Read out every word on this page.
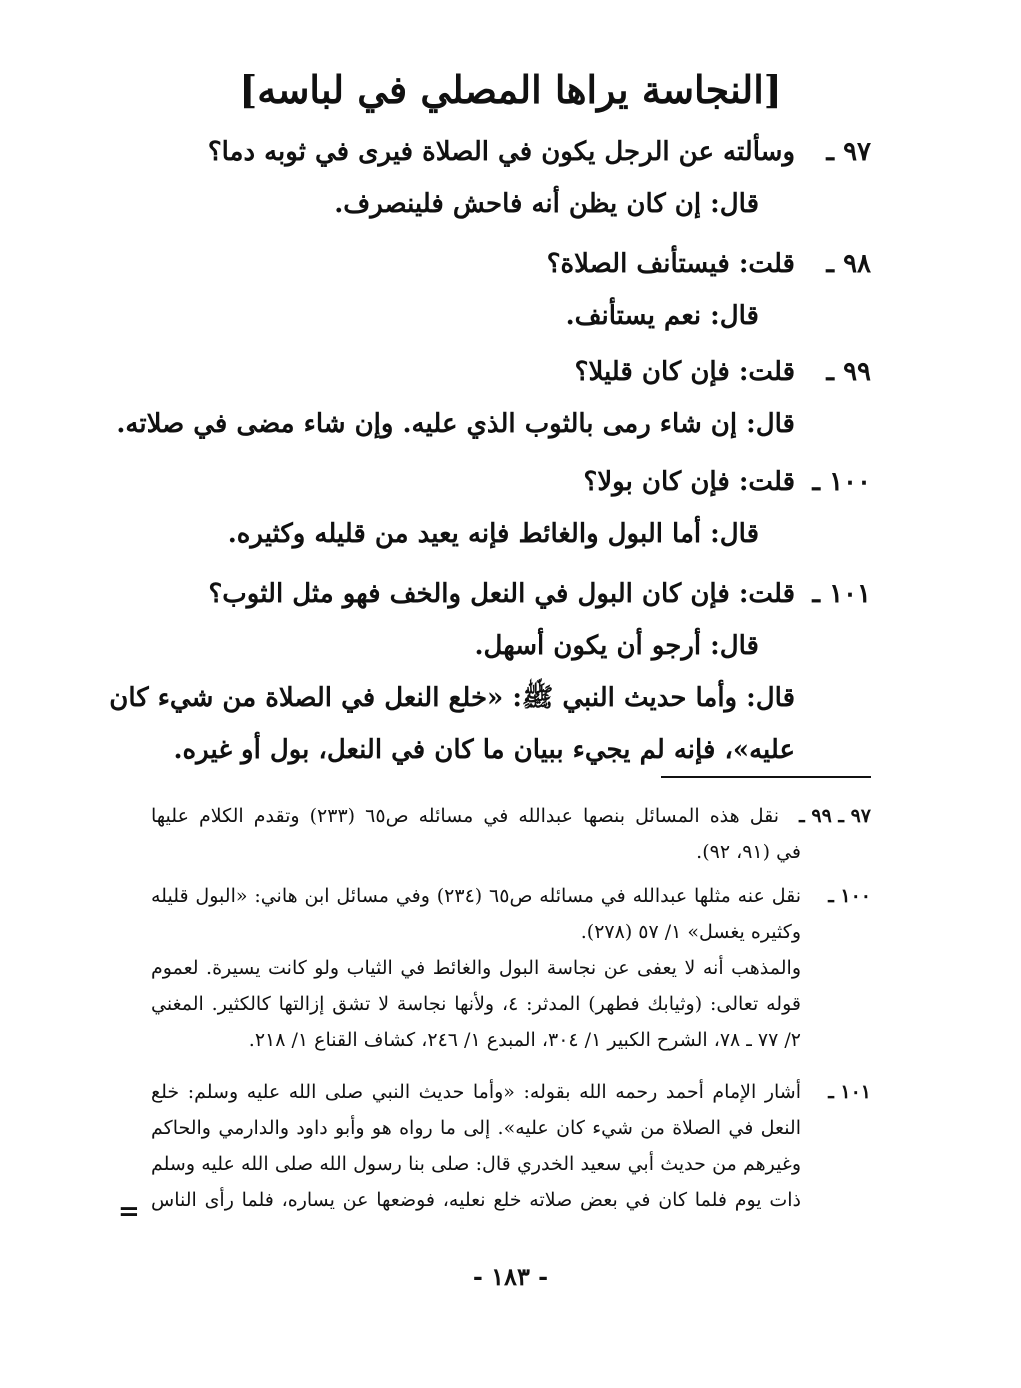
[النجاسة يراها المصلي في لباسه]
٩٧ ـ
وسألته عن الرجل يكون في الصلاة فيرى في ثوبه دما؟
قال: إن كان يظن أنه فاحش فلينصرف.
٩٨ ـ
قلت: فيستأنف الصلاة؟
قال: نعم يستأنف.
٩٩ ـ
قلت: فإن كان قليلا؟
قال: إن شاء رمى بالثوب الذي عليه. وإن شاء مضى في صلاته.
١٠٠ ـ
قلت: فإن كان بولا؟
قال: أما البول والغائط فإنه يعيد من قليله وكثيره.
١٠١ ـ
قلت: فإن كان البول في النعل والخف فهو مثل الثوب؟
قال: أرجو أن يكون أسهل.
قال: وأما حديث النبي ﷺ: «خلع النعل في الصلاة من شيء كان
عليه»، فإنه لم يجيء ببيان ما كان في النعل، بول أو غيره.
٩٧ ـ ٩٩ ـ
نقل هذه المسائل بنصها عبدالله في مسائله ص٦٥ (٢٣٣) وتقدم الكلام عليها
في (٩١، ٩٢).
١٠٠ ـ
نقل عنه مثلها عبدالله في مسائله ص٦٥ (٢٣٤) وفي مسائل ابن هاني: «البول قليله
وكثيره يغسل» ١/ ٥٧ (٢٧٨).
والمذهب أنه لا يعفى عن نجاسة البول والغائط في الثياب ولو كانت يسيرة. لعموم
قوله تعالى: (وثيابك فطهر) المدثر: ٤، ولأنها نجاسة لا تشق إزالتها كالكثير. المغني
٢/ ٧٧ ـ ٧٨، الشرح الكبير ١/ ٣٠٤، المبدع ١/ ٢٤٦، كشاف القناع ١/ ٢١٨.
١٠١ ـ
أشار الإمام أحمد رحمه الله بقوله: «وأما حديث النبي صلى الله عليه وسلم: خلع
النعل في الصلاة من شيء كان عليه». إلى ما رواه هو وأبو داود والدارمي والحاكم
وغيرهم من حديث أبي سعيد الخدري قال: صلى بنا رسول الله صلى الله عليه وسلم
ذات يوم فلما كان في بعض صلاته خلع نعليه، فوضعها عن يساره، فلما رأى الناس
=
- ١٨٣ -
